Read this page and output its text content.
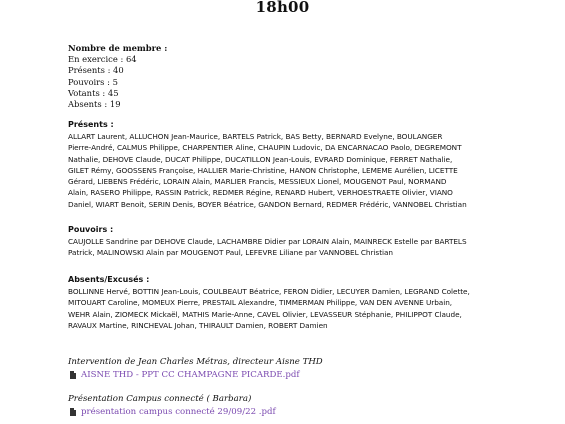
18h00
Nombre de membre :
En exercice : 64
Présents : 40
Pouvoirs : 5
Votants : 45
Absents : 19
Présents :
ALLART Laurent, ALLUCHON Jean-Maurice, BARTELS Patrick, BAS Betty, BERNARD Evelyne, BOULANGER
Pierre-André, CALMUS Philippe, CHARPENTIER Aline, CHAUPIN Ludovic, DA ENCARNACAO Paolo, DEGREMONT
Nathalie, DEHOVE Claude, DUCAT Philippe, DUCATILLON Jean-Louis, EVRARD Dominique, FERRET Nathalie,
GILET Rémy, GOOSSENS Françoise, HALLIER Marie-Christine, HANON Christophe, LEMEME Aurélien, LICETTE
Gérard, LIEBENS Frédéric, LORAIN Alain, MARLIER Francis, MESSIEUX Lionel, MOUGENOT Paul, NORMAND
Alain, RASERO Philippe, RASSIN Patrick, REDMER Régine, RENARD Hubert, VERHOESTRAETE Olivier, VIANO
Daniel, WIART Benoit, SERIN Denis, BOYER Béatrice, GANDON Bernard, REDMER Frédéric, VANNOBEL Christian
Pouvoirs :
CAUJOLLE Sandrine par DEHOVE Claude, LACHAMBRE Didier par LORAIN Alain, MAINRECK Estelle par BARTELS
Patrick, MALINOWSKI Alain par MOUGENOT Paul, LEFEVRE Liliane par VANNOBEL Christian
Absents/Excusés :
BOLLINNE Hervé, BOTTIN Jean-Louis, COULBEAUT Béatrice, FERON Didier, LECUYER Damien, LEGRAND Colette,
MITOUART Caroline, MOMEUX Pierre, PRESTAIL Alexandre, TIMMERMAN Philippe, VAN DEN AVENNE Urbain,
WEHR Alain, ZIOMECK Mickaël, MATHIS Marie-Anne, CAVEL Olivier, LEVASSEUR Stéphanie, PHILIPPOT Claude,
RAVAUX Martine, RINCHEVAL Johan, THIRAULT Damien, ROBERT Damien
Intervention de Jean Charles Métras, directeur Aisne THD
AISNE THD - PPT CC CHAMPAGNE PICARDE.pdf
Présentation Campus connecté ( Barbara)
présentation campus connecté 29/09/22 .pdf
